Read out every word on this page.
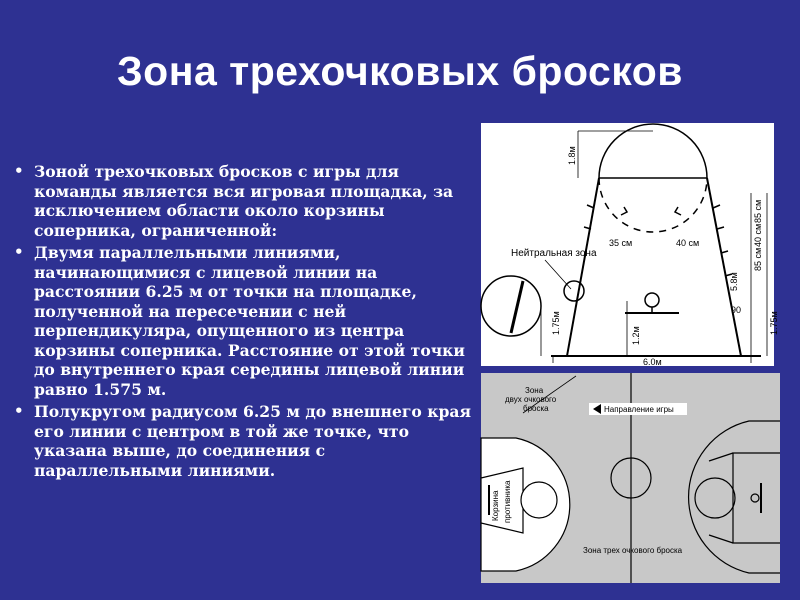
Зона трехочковых бросков
• Зоной трехочковых бросков с игры для команды является вся игровая площадка, за исключением области около корзины соперника, ограниченной:
• Двумя параллельными линиями, начинающимися с лицевой линии на расстоянии 6.25 м от точки на площадке, полученной на пересечении с ней перпендикуляра, опущенного из центра корзины соперника. Расстояние от этой точки до внутреннего края середины лицевой линии равно 1.575 м.
• Полукругом радиусом 6.25 м до внешнего края его линии с центром в той же точке, что указана выше, до соединения с параллельными линиями.
Нейтральная зона
1.8м
35 см	40 см
85 см
40 см
85 см
5.8м
90
1.75м
1.2м
1.75м
6.0м
Зона
двух очкового
броска	Направление игры
Корзина противника
Зона трех очкового броска
